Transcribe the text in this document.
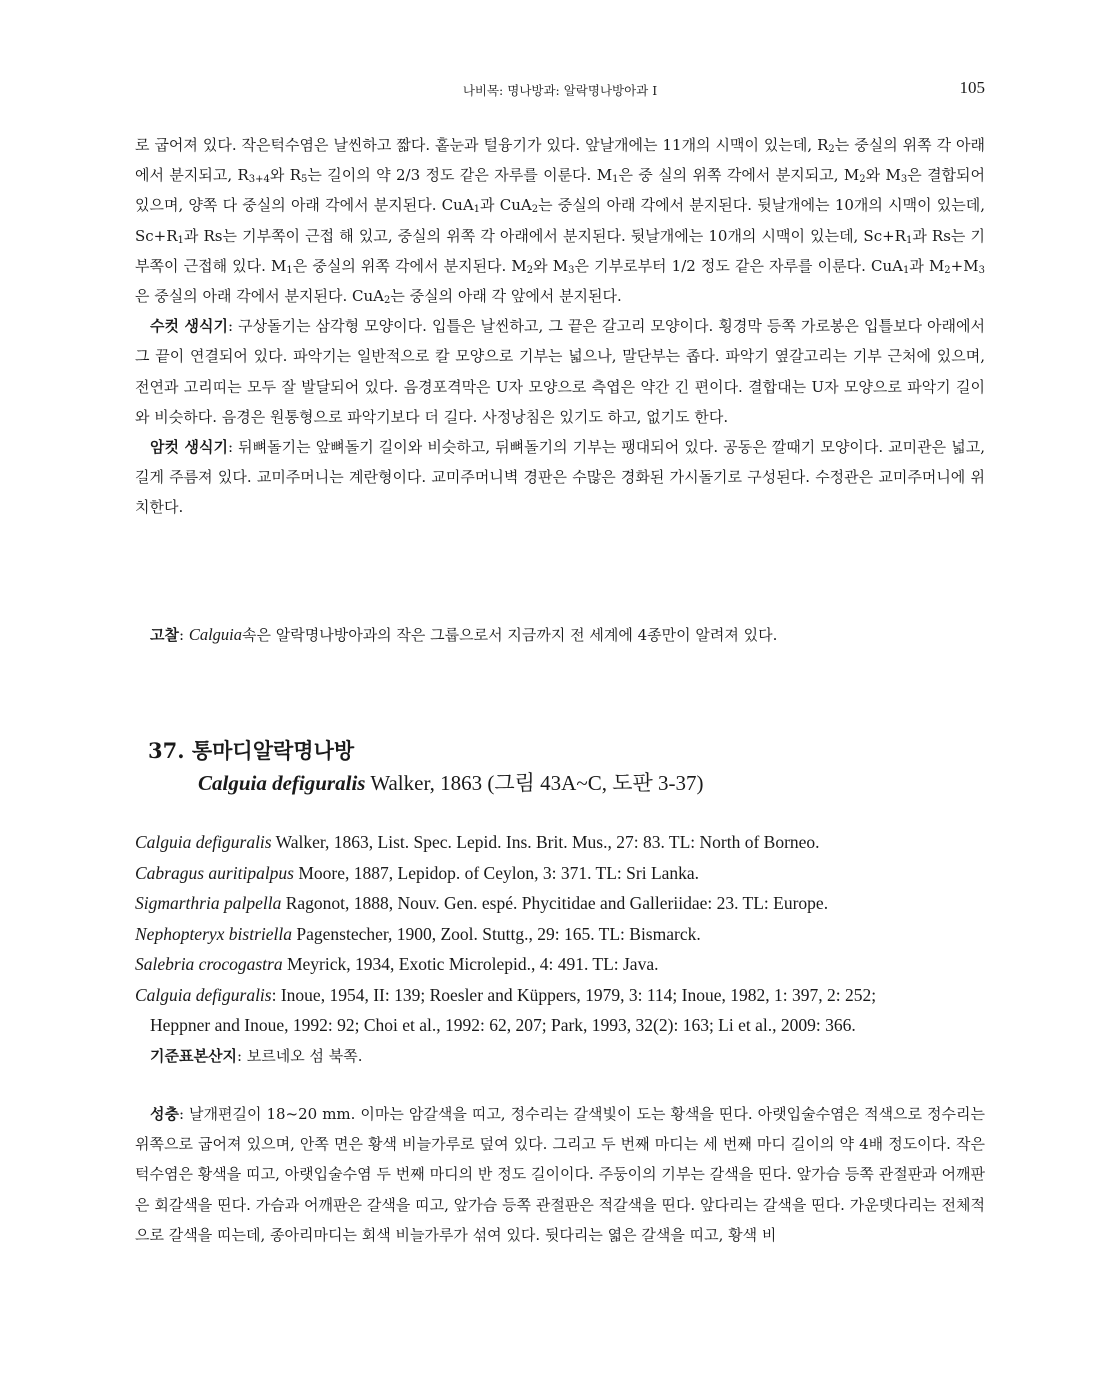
나비목: 명나방과: 알락명나방아과 I	105

로 굽어져 있다. 작은턱수염은 날씬하고 짧다. 홑눈과 털융기가 있다. 앞날개에는 11개의 시맥이 있는데, $R_2$는 중실의 위쪽 각 아래에서 분지되고, $R_{3+4}$와 $R_5$는 길이의 약 2/3 정도 같은 자루를 이룬다. $M_1$은 중 실의 위쪽 각에서 분지되고, $M_2$와 $M_3$은 결합되어 있으며, 양쪽 다 중실의 아래 각에서 분지된다. CuA$_1$과 CuA$_2$는 중실의 아래 각에서 분지된다. 뒷날개에는 10개의 시맥이 있는데, $Sc+R_1$과 Rs는 기부쪽이 근접 해 있고, 중실의 위쪽 각 아래에서 분지된다. 뒷날개에는 10개의 시맥이 있는데, $Sc+R_1$과 Rs는 기부쪽이 근접해 있다. $M_1$은 중실의 위쪽 각에서 분지된다. $M_2$와 $M_3$은 기부로부터 1/2 정도 같은 자루를 이룬다. CuA$_1$과 $M_2+M_3$은 중실의 아래 각에서 분지된다. CuA$_2$는 중실의 아래 각 앞에서 분지된다.

수컷 생식기: 구상돌기는 삼각형 모양이다. 입틀은 날씬하고, 그 끝은 갈고리 모양이다. 횡경막 등쪽 가로봉은 입틀보다 아래에서 그 끝이 연결되어 있다. 파악기는 일반적으로 칼 모양으로 기부는 넓으나, 말단부는 좁다. 파악기 옆갈고리는 기부 근처에 있으며, 전연과 고리띠는 모두 잘 발달되어 있다. 음경포격막은 U자 모양으로 측엽은 약간 긴 편이다. 결합대는 U자 모양으로 파악기 길이와 비슷하다. 음경은 원통형으로 파악기보다 더 길다. 사정낭침은 있기도 하고, 없기도 한다.

암컷 생식기: 뒤뼈돌기는 앞뼈돌기 길이와 비슷하고, 뒤뼈돌기의 기부는 팽대되어 있다. 공동은 깔때기 모양이다. 교미관은 넓고, 길게 주름져 있다. 교미주머니는 계란형이다. 교미주머니벽 경판은 수많은 경화된 가시돌기로 구성된다. 수정관은 교미주머니에 위치한다.

고찰: Calguia속은 알락명나방아과의 작은 그룹으로서 지금까지 전 세계에 4종만이 알려져 있다.

37. 통마디알락명나방
Calguia defiguralis Walker, 1863 (그림 43A~C, 도판 3-37)
Calguia defiguralis Walker, 1863, List. Spec. Lepid. Ins. Brit. Mus., 27: 83. TL: North of Borneo.
Cabragus auritipalpus Moore, 1887, Lepidop. of Ceylon, 3: 371. TL: Sri Lanka.
Sigmarthria palpella Ragonot, 1888, Nouv. Gen. espé. Phycitidae and Galleriidae: 23. TL: Europe.
Nephopteryx bistriella Pagenstecher, 1900, Zool. Stuttg., 29: 165. TL: Bismarck.
Salebria crocogastra Meyrick, 1934, Exotic Microlepid., 4: 491. TL: Java.
Calguia defiguralis: Inoue, 1954, II: 139; Roesler and Küppers, 1979, 3: 114; Inoue, 1982, 1: 397, 2: 252;
Heppner and Inoue, 1992: 92; Choi et al., 1992: 62, 207; Park, 1993, 32(2): 163; Li et al., 2009: 366.
기준표본산지: 보르네오 섬 북쪽.

성충: 날개편길이 18~20 mm. 이마는 암갈색을 띠고, 정수리는 갈색빛이 도는 황색을 띤다. 아랫입술수염은 적색으로 정수리는 위쪽으로 굽어져 있으며, 안쪽 면은 황색 비늘가루로 덮여 있다. 그리고 두 번째 마디는 세 번째 마디 길이의 약 4배 정도이다. 작은턱수염은 황색을 띠고, 아랫입술수염 두 번째 마디의 반 정도 길이이다. 주둥이의 기부는 갈색을 띤다. 앞가슴 등쪽 관절판과 어깨판은 회갈색을 띤다. 가슴과 어깨판은 갈색을 띠고, 앞가슴 등쪽 관절판은 적갈색을 띤다. 앞다리는 갈색을 띤다. 가운뎃다리는 전체적으로 갈색을 띠는데, 종아리마디는 회색 비늘가루가 섞여 있다. 뒷다리는 엷은 갈색을 띠고, 황색 비
